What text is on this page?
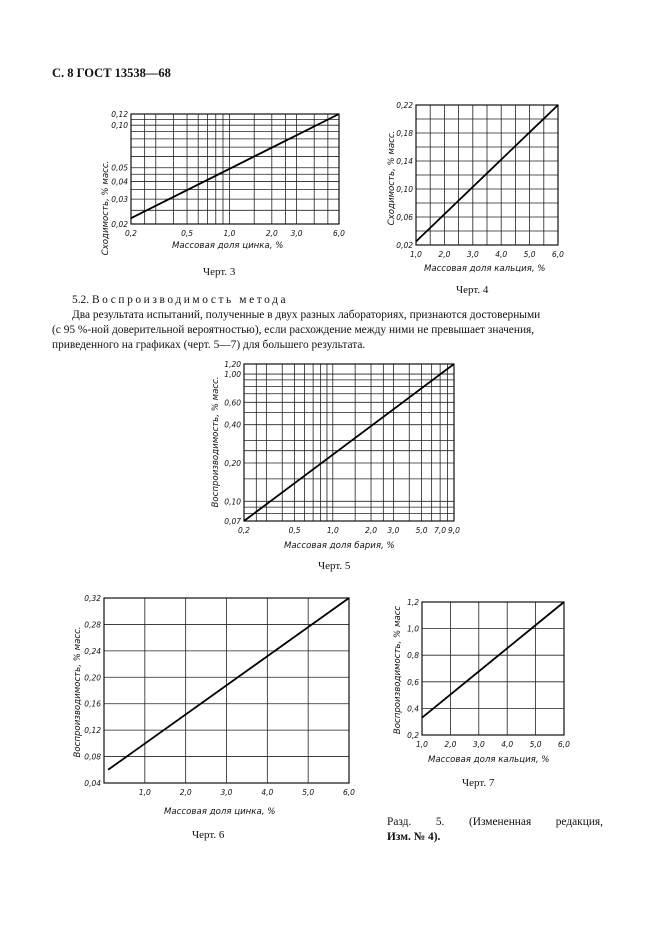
С. 8 ГОСТ 13538—68
0,2	0,5	1,0	2,0 3,0	6,0
0,02
0,03
0,04
0,05
0,10
0,12
Массовая доля цинка, %
Сходимость, % масс.
Черт. 3
1,0 2,0 3,0 4,0 5,0 6,0
0,02
0,06
0,10
0,14
0,18
0,22
Массовая доля кальция, %
Сходимость, % масс.
Черт. 4
5.2. Воспроизводимость метода
Два результата испытаний, полученные в двух разных лабораториях, признаются достоверными
(с 95 %-ной доверительной вероятностью), если расхождение между ними не превышает значения,
приведенного на графиках (черт. 5—7) для большего результата.
0,2	0,5	1,0	2,0 3,0 5,0 7,0 9,0
0,07
0,10
0,20
0,40
0,60
1,00
1,20
Массовая доля бария, %
Воспроизводимость, % масс.
Черт. 5
1,0	2,0	3,0	4,0	5,0	6,0
0,04
0,08
0,12
0,16
0,20
0,24
0,28
0,32
Массовая доля цинка, %
Воспроизводимость, % масс.
Черт. 6
1,0 2,0 3,0 4,0 5,0 6,0
0,2
0,4
0,6
0,8
1,0
1,2
Массовая доля кальция, %
Воспроизводимость, % масс
Черт. 7
Разд. 5. (Измененная редакция,
Изм. № 4).
